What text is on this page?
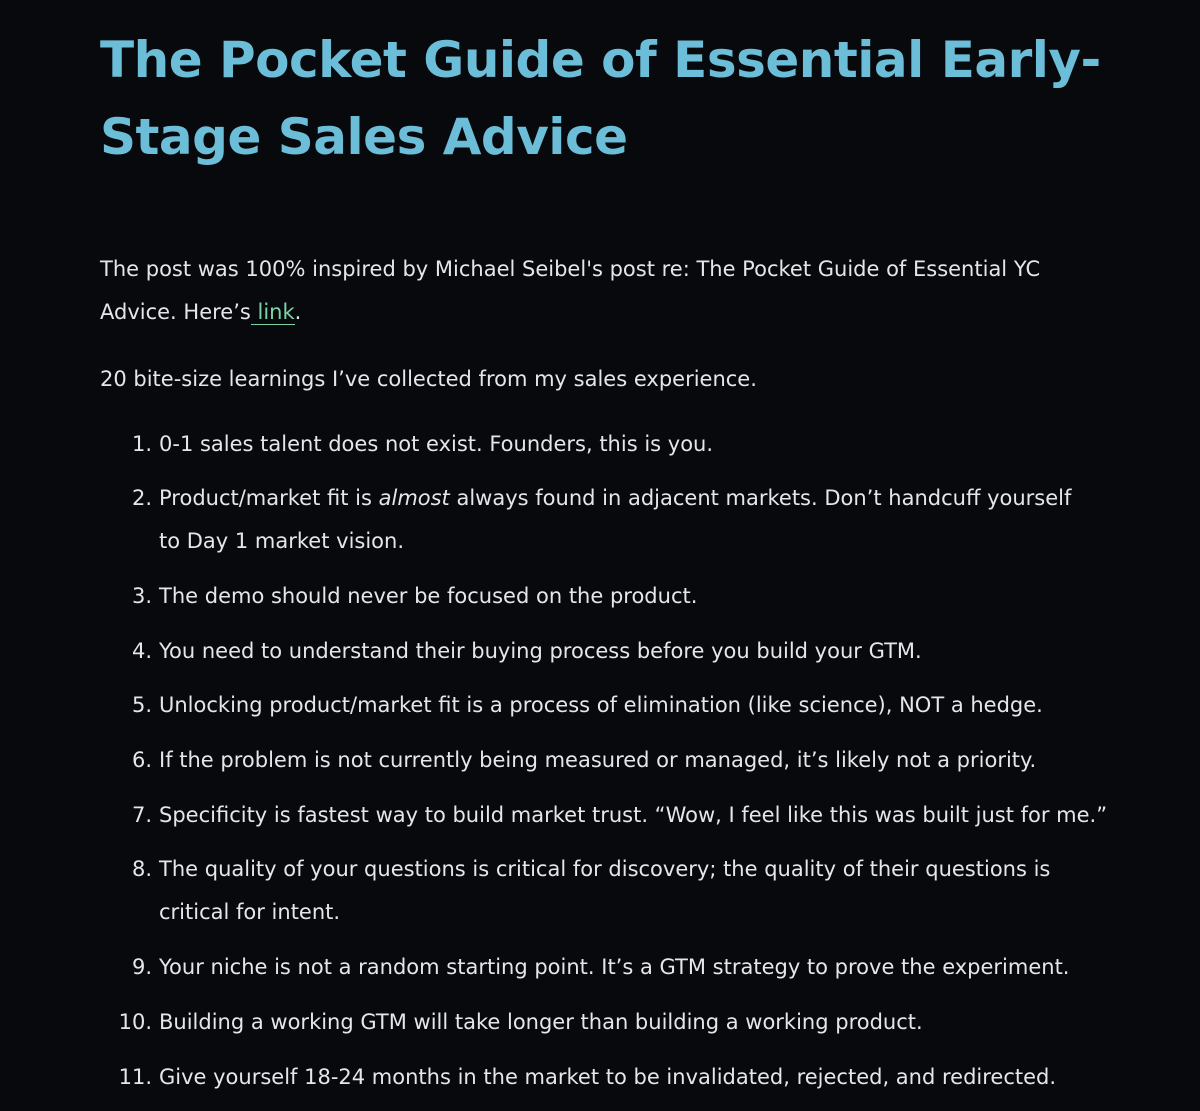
The Pocket Guide of Essential Early-
Stage Sales Advice

The post was 100% inspired by Michael Seibel's post re: The Pocket Guide of Essential YC
Advice. Here’s link.

20 bite-size learnings I’ve collected from my sales experience.

1. 0-1 sales talent does not exist. Founders, this is you.
2. Product/market fit is almost always found in adjacent markets. Don’t handcuff yourself
to Day 1 market vision.
3. The demo should never be focused on the product.
4. You need to understand their buying process before you build your GTM.
5. Unlocking product/market fit is a process of elimination (like science), NOT a hedge.
6. If the problem is not currently being measured or managed, it’s likely not a priority.
7. Specificity is fastest way to build market trust. “Wow, I feel like this was built just for me.”
8. The quality of your questions is critical for discovery; the quality of their questions is
critical for intent.
9. Your niche is not a random starting point. It’s a GTM strategy to prove the experiment.
10. Building a working GTM will take longer than building a working product.
11. Give yourself 18-24 months in the market to be invalidated, rejected, and redirected.
